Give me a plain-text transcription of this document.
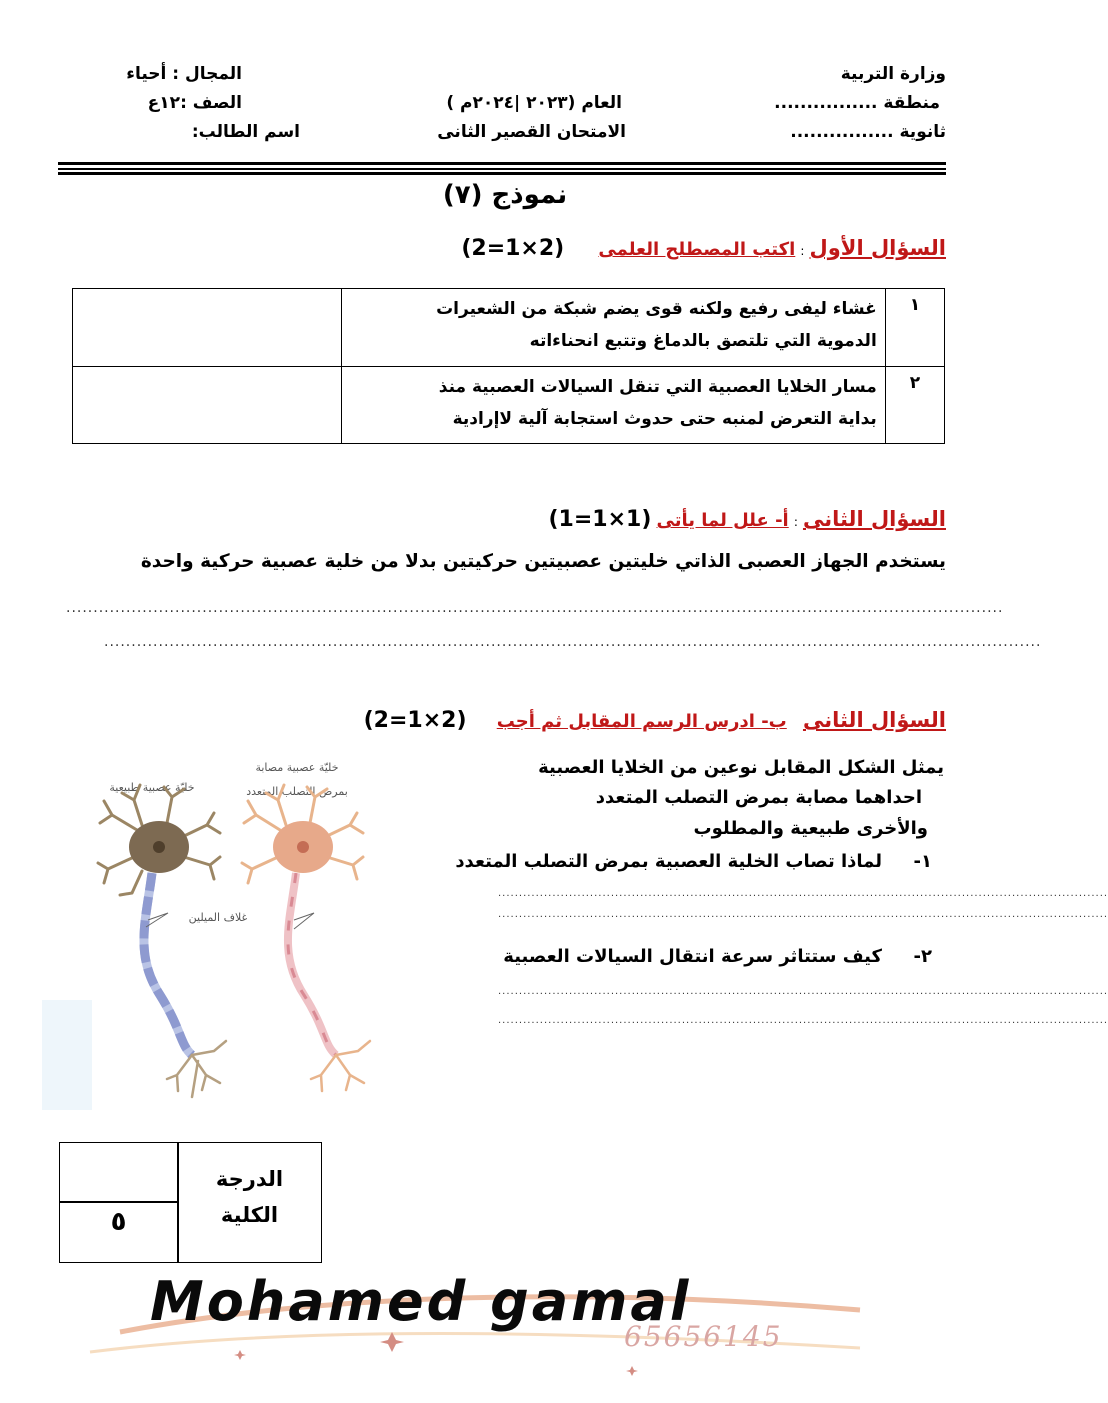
وزارة التربية
منطقة ................
ثانوية ................
العام (٢٠٢٣ |٢٠٢٤م )
الامتحان القصير الثانى
المجال : أحياء
الصف :١٢ع
اسم الطالب:
نموذج (٧)
السؤال الأول : اكتب المصطلح العلمى  (2=1×2)
١	غشاء ليفى رفيع ولكنه قوى يضم شبكة من الشعيرات
الدموية التي تلتصق بالدماغ وتتبع انحناءاته	

٢	مسار الخلايا العصبية التي تنقل السيالات العصبية منذ
بداية التعرض لمنبه حتى حدوث استجابة آلية لاإرادية	

السؤال الثانى : أ- علل لما يأتى (1=1×1)
يستخدم الجهاز العصبى الذاتي خليتين عصبيتين حركيتين بدلا من خلية عصبية حركية واحدة
............................................................................................................................................................................
............................................................................................................................................................................
السؤال الثانى  ب- ادرس الرسم المقابل ثم أجب  (2=1×2)
يمثل الشكل المقابل نوعين من الخلايا العصبية
احداهما مصابة بمرض التصلب المتعدد
والأخرى طبيعية والمطلوب
١-
لماذا تصاب الخلية العصبية بمرض التصلب المتعدد
..................................................................................................................................................
..................................................................................................................................................
٢-
كيف ستتاثر سرعة انتقال السيالات العصبية
..................................................................................................................................................
..................................................................................................................................................
خليّة عصبية طبيعية
خليّة عصبية مصابة
بمرض التصلب المتعدد
غلاف الميلين
الدرجة
الكلية
٥
Mohamed gamal
65656145
